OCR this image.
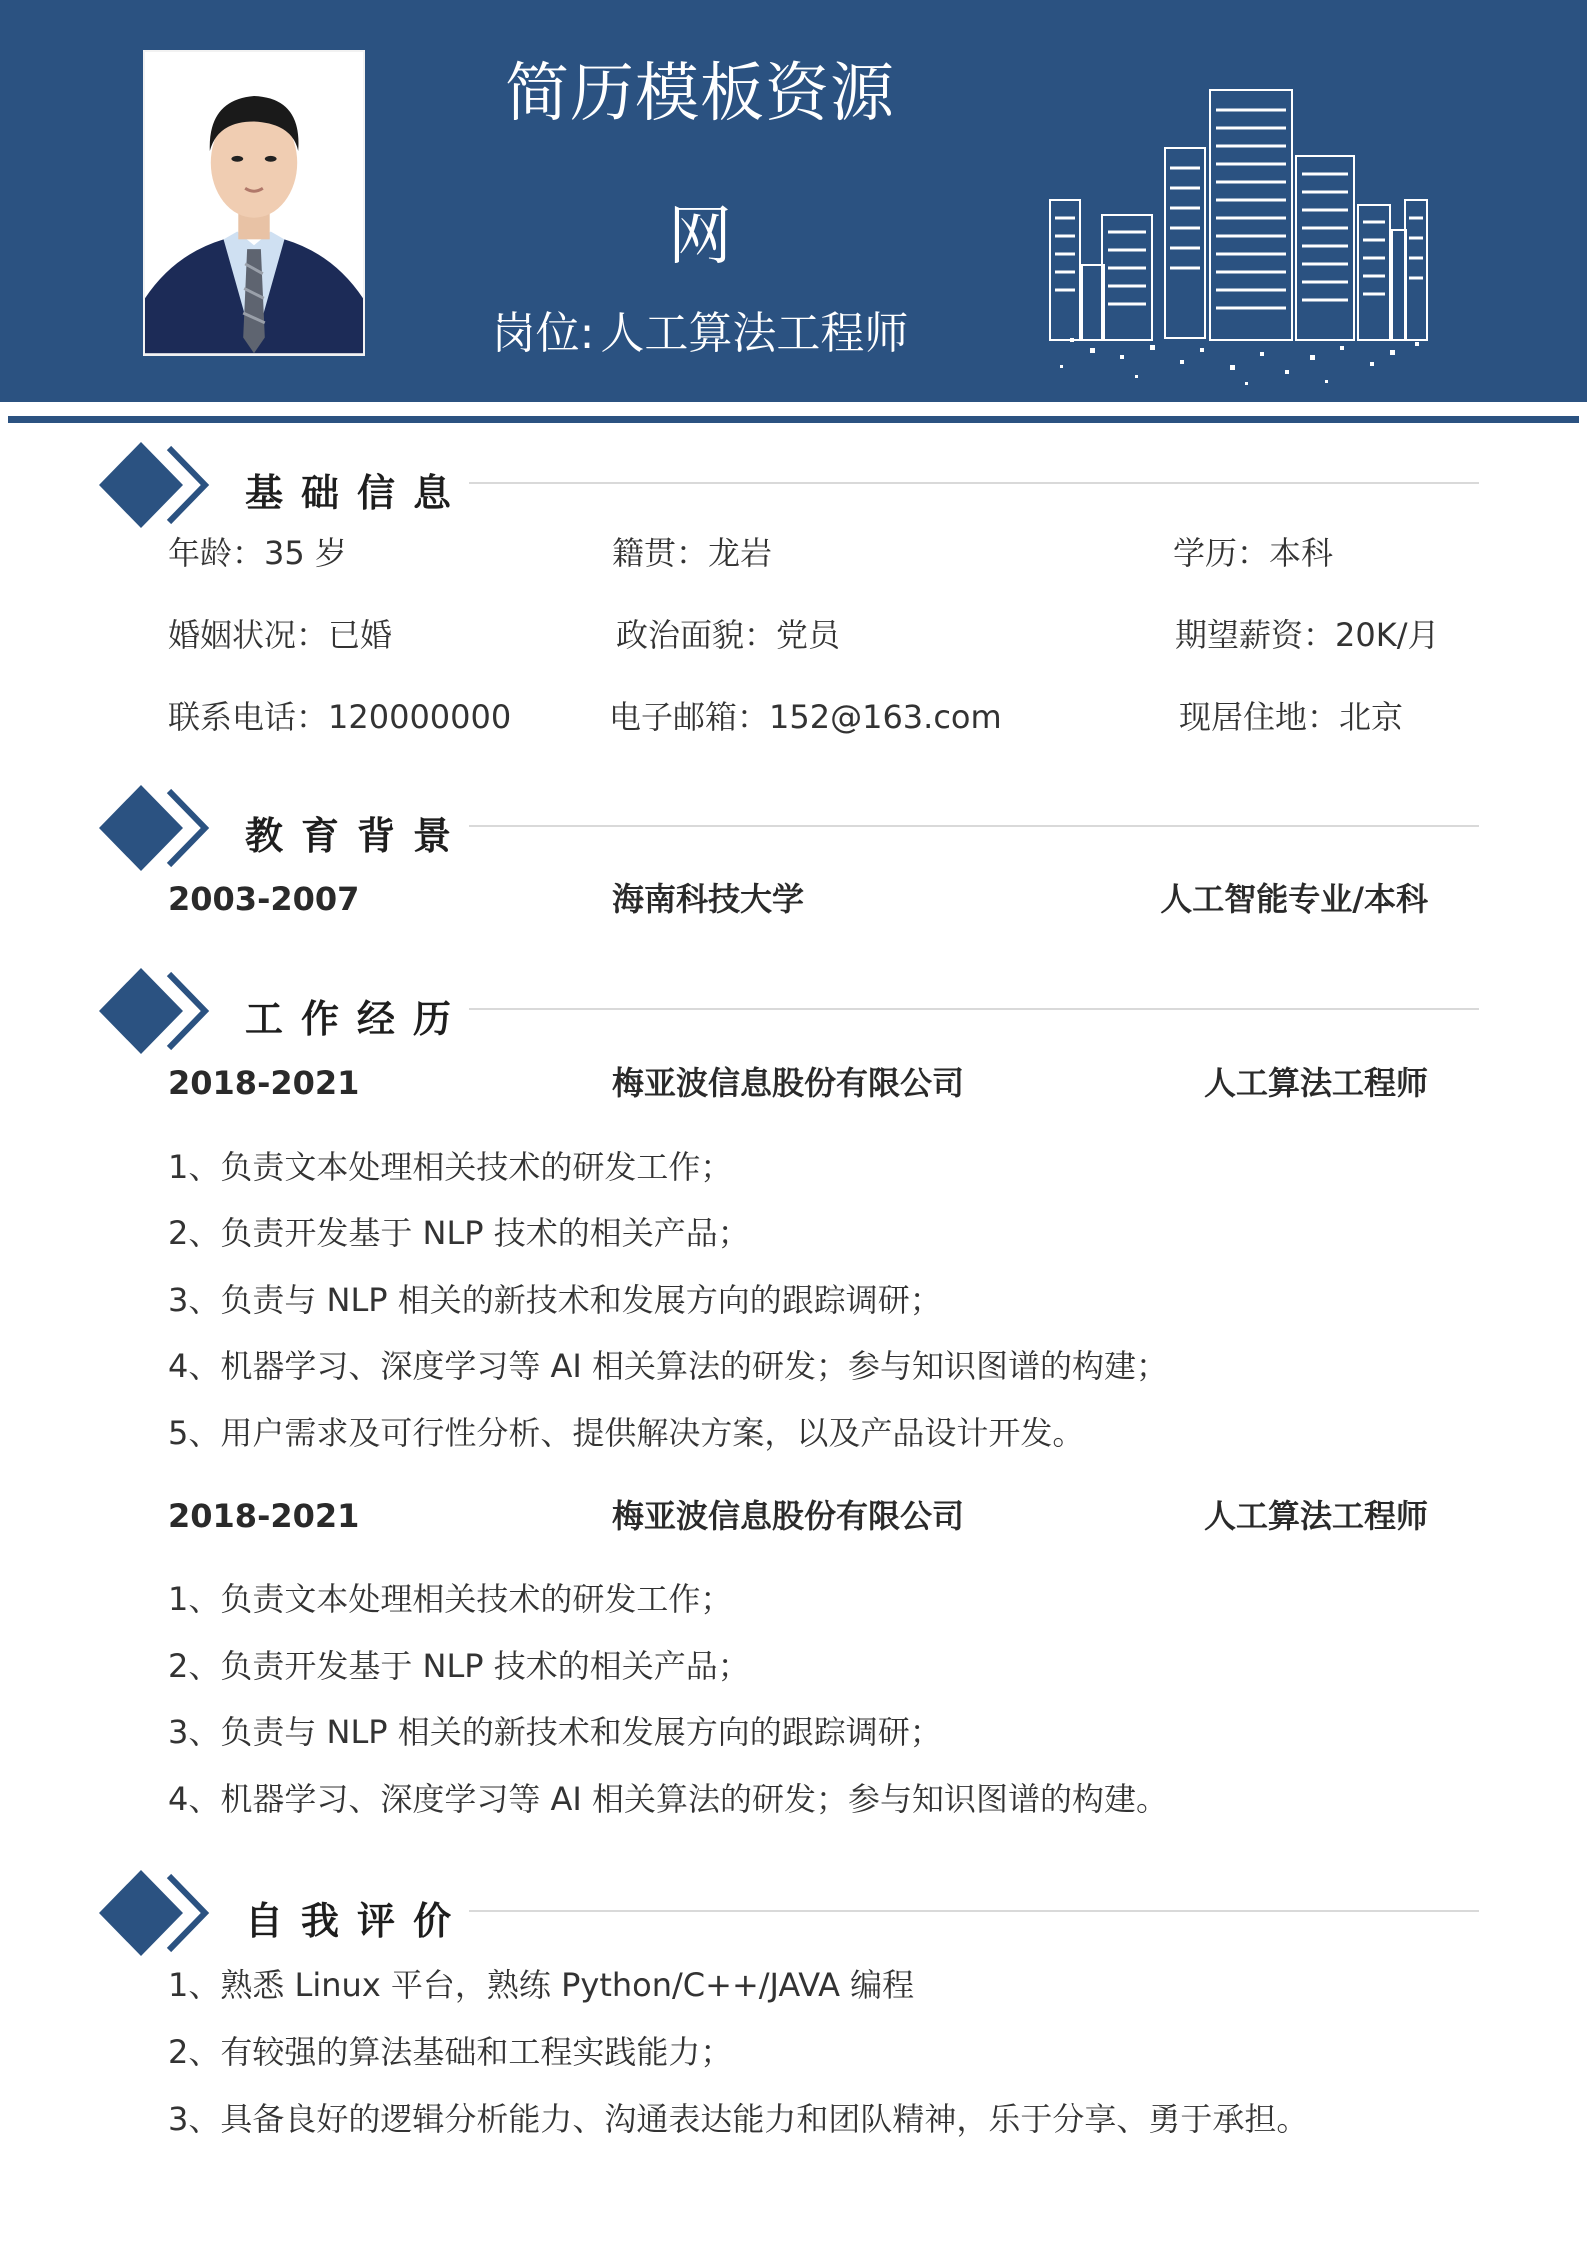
简历模板资源
网
岗位: 人工算法工程师
基础信息
年龄：35 岁	籍贯：龙岩	学历：本科
婚姻状况：已婚	政治面貌：党员	期望薪资：20K/月
联系电话：120000000	电子邮箱：152@163.com	现居住地：北京
教育背景
2003-2007	海南科技大学	人工智能专业/本科
工作经历
2018-2021	梅亚波信息股份有限公司	人工算法工程师
1、负责文本处理相关技术的研发工作；
2、负责开发基于 NLP 技术的相关产品；
3、负责与 NLP 相关的新技术和发展方向的跟踪调研；
4、机器学习、深度学习等 AI 相关算法的研发；参与知识图谱的构建；
5、用户需求及可行性分析、提供解决方案，以及产品设计开发。
2018-2021	梅亚波信息股份有限公司	人工算法工程师
1、负责文本处理相关技术的研发工作；
2、负责开发基于 NLP 技术的相关产品；
3、负责与 NLP 相关的新技术和发展方向的跟踪调研；
4、机器学习、深度学习等 AI 相关算法的研发；参与知识图谱的构建。
自我评价
1、熟悉 Linux 平台，熟练 Python/C++/JAVA 编程
2、有较强的算法基础和工程实践能力；
3、具备良好的逻辑分析能力、沟通表达能力和团队精神，乐于分享、勇于承担。
